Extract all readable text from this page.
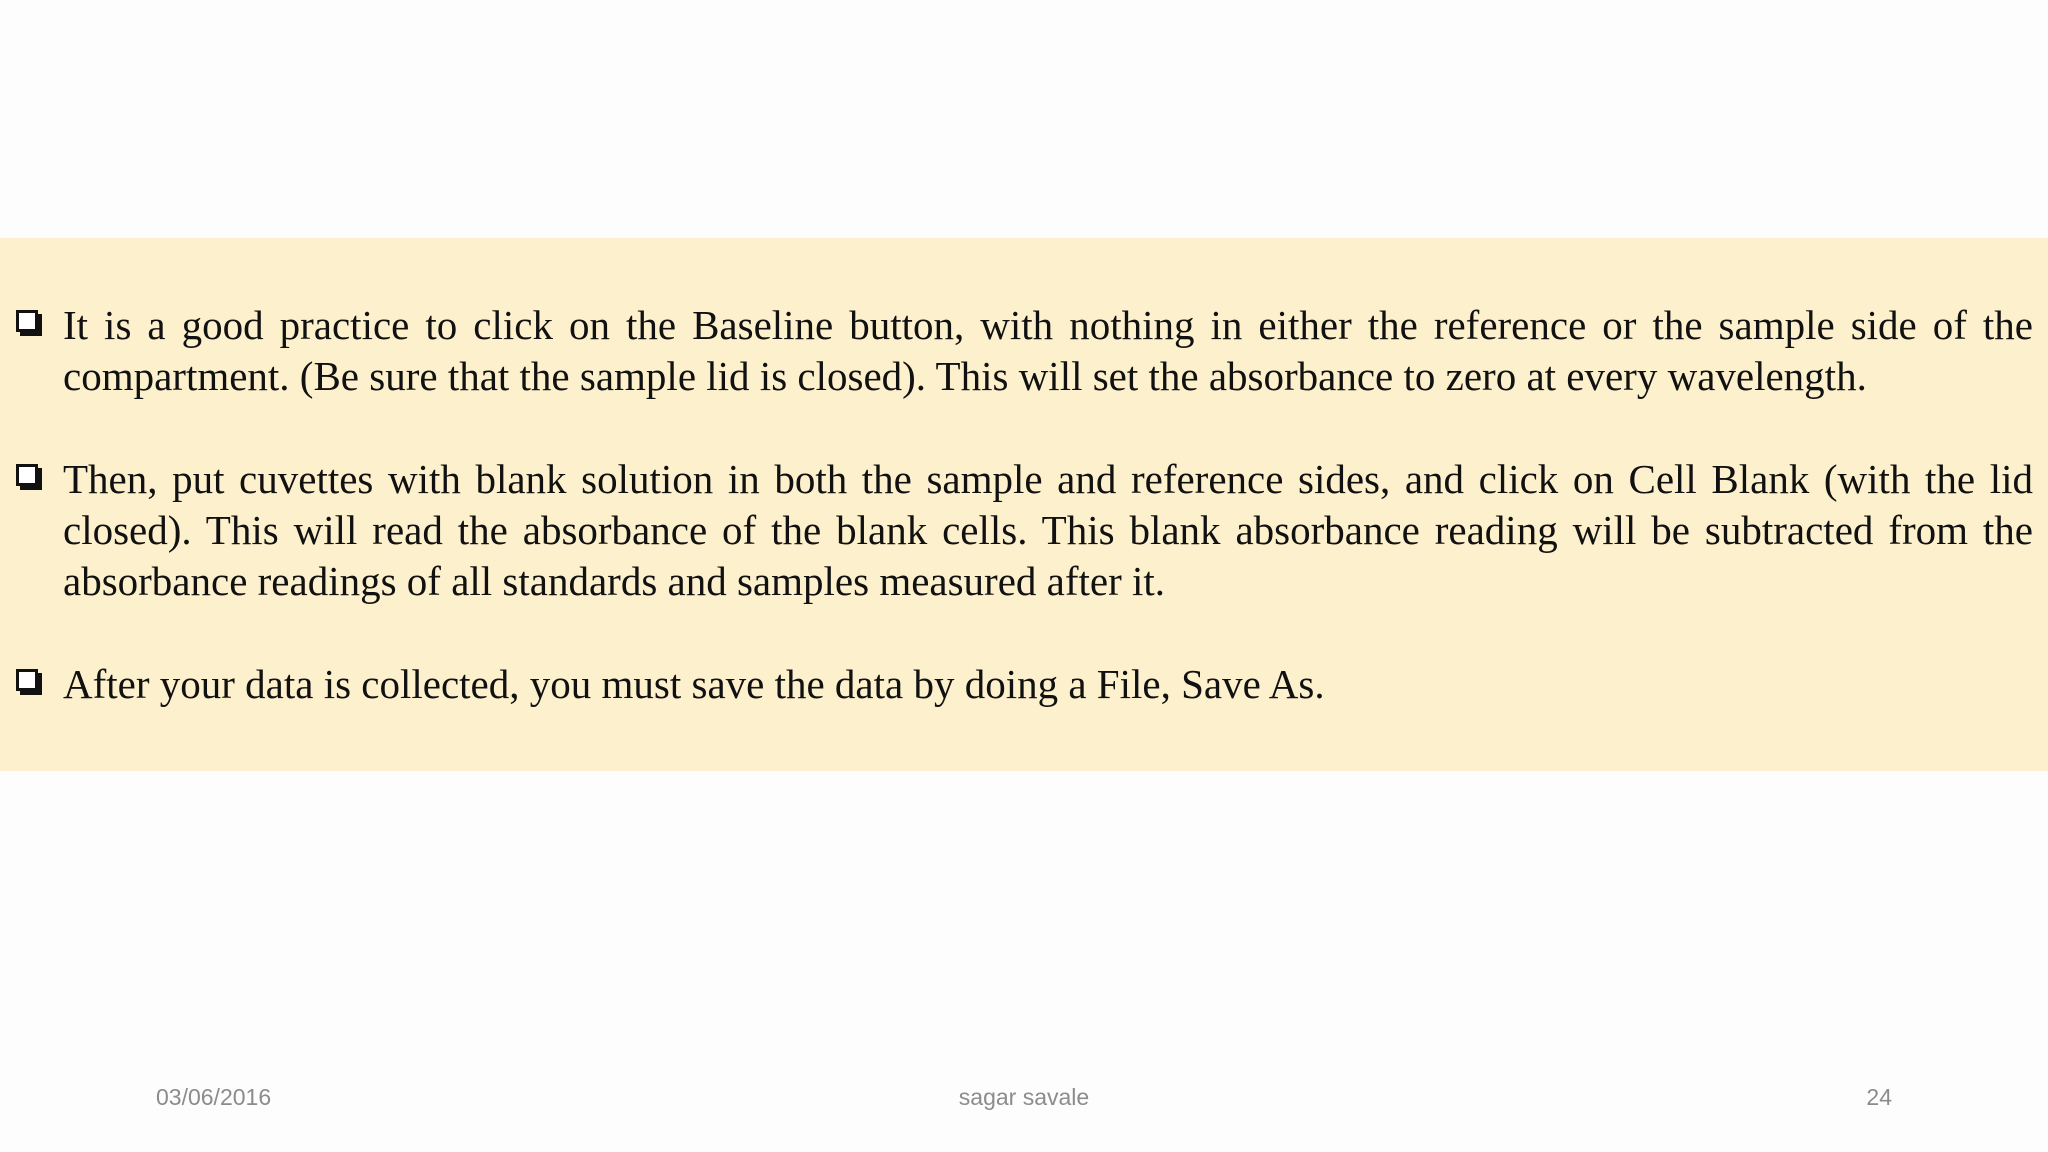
It is a good practice to click on the Baseline button, with nothing in either the reference or the sample side of the compartment. (Be sure that the sample lid is closed). This will set the absorbance to zero at every wavelength.
Then, put cuvettes with blank solution in both the sample and reference sides, and click on Cell Blank (with the lid closed). This will read the absorbance of the blank cells. This blank absorbance reading will be subtracted from the absorbance readings of all standards and samples measured after it.
After your data is collected, you must save the data by doing a File, Save As.
03/06/2016	sagar savale	24
